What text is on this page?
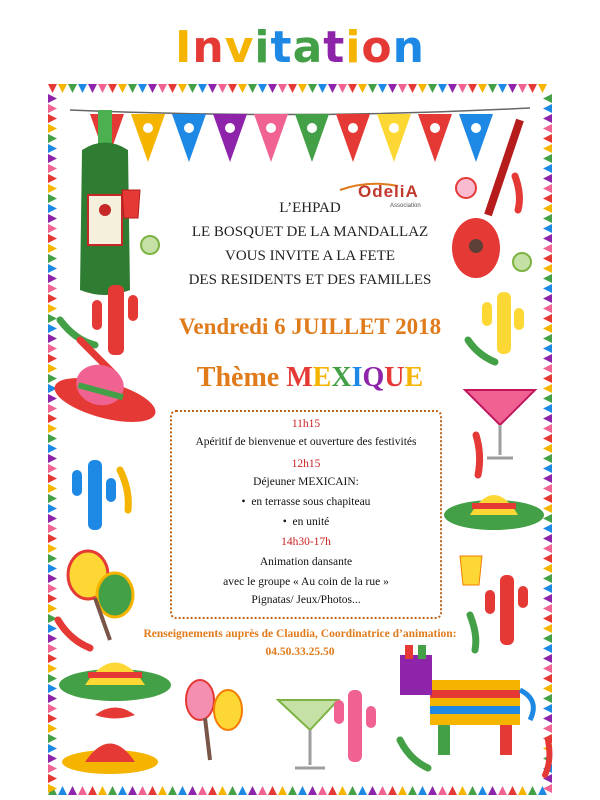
Invitation
OdeliA
Association
L’EHPAD
LE BOSQUET DE LA MANDALLAZ
VOUS INVITE A LA FETE
DES RESIDENTS ET DES FAMILLES
Vendredi 6 JUILLET 2018
Thème MEXIQUE
11h15
Apéritif de bienvenue et ouverture des festivités
12h15
Déjeuner MEXICAIN:
•  en terrasse sous chapiteau
•  en unité
14h30-17h
Animation dansante
avec le groupe « Au coin de la rue »
Pignatas/ Jeux/Photos...
Renseignements auprès de Claudia, Coordinatrice d’animation:
04.50.33.25.50
